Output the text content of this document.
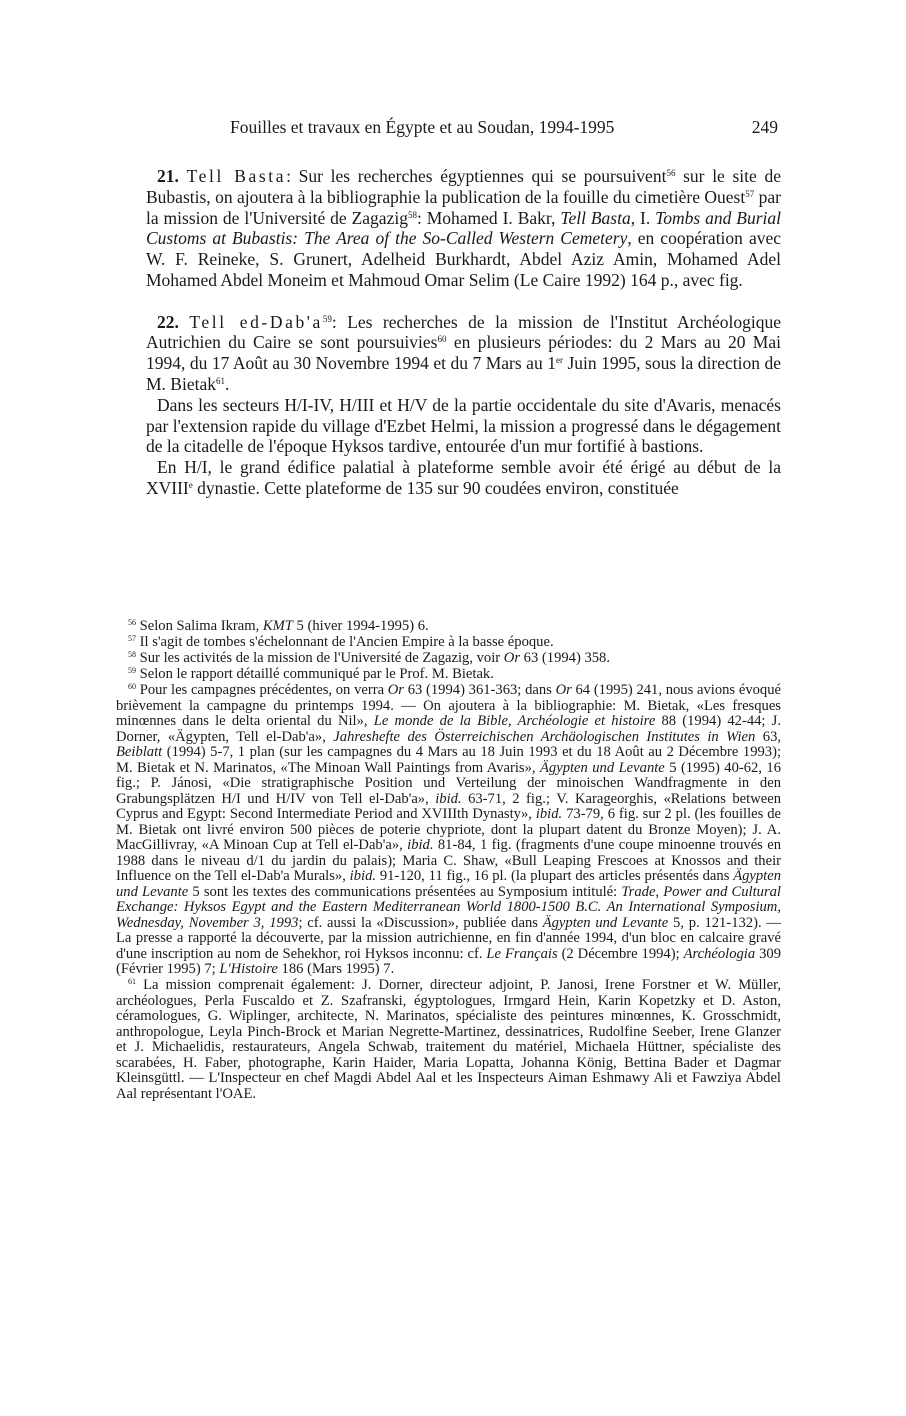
Fouilles et travaux en Égypte et au Soudan, 1994-1995	249

21. Tell Basta: Sur les recherches égyptiennes qui se poursuivent$^{56}$ sur le site de Bubastis, on ajoutera à la bibliographie la publication de la fouille du cimetière Ouest$^{57}$ par la mission de l'Université de Zagazig$^{58}$: Mohamed I. Bakr, Tell Basta, I. Tombs and Burial Customs at Bubastis: The Area of the So-Called Western Cemetery, en coopération avec W. F. Reineke, S. Grunert, Adelheid Burkhardt, Abdel Aziz Amin, Mohamed Adel Mohamed Abdel Moneim et Mahmoud Omar Selim (Le Caire 1992) 164 p., avec fig.

22. Tell $ed-Dab'a^{59}$: Les recherches de la mission de l'Institut Archéologique Autrichien du Caire se sont poursuivies$^{60}$ en plusieurs périodes: du 2 Mars au 20 Mai 1994, du 17 Août au 30 Novembre 1994 et du 7 Mars au 1er Juin 1995, sous la direction de M. Bietak$^{61}$.

Dans les secteurs H/I-IV, H/III et H/V de la partie occidentale du site d'Avaris, menacés par l'extension rapide du village d'Ezbet Helmi, la mission a progressé dans le dégagement de la citadelle de l'époque Hyksos tardive, entourée d'un mur fortifié à bastions.

En H/I, le grand édifice palatial à plateforme semble avoir été érigé au début de la XVIIIe dynastie. Cette plateforme de 135 sur 90 coudées environ, constituée

$^{56}$ Selon Salima Ikram, KMT 5 (hiver 1994-1995) 6.

$^{57}$ Il s'agit de tombes s'échelonnant de l'Ancien Empire à la basse époque.

$^{58}$ Sur les activités de la mission de l'Université de Zagazig, voir Or 63 (1994) 358.

$^{59}$ Selon le rapport détaillé communiqué par le Prof. M. Bietak.

$^{60}$ Pour les campagnes précédentes, on verra Or 63 (1994) 361-363; dans Or 64 (1995) 241, nous avions évoqué brièvement la campagne du printemps 1994. — On ajoutera à la bibliographie: M. Bietak, «Les fresques minœnnes dans le delta oriental du Nil», Le monde de la Bible, Archéologie et histoire 88 (1994) 42-44; J. Dorner, «Ägypten, Tell el-Dab'a», Jahreshefte des Österreichischen Archäologischen Institutes in Wien 63, Beiblatt (1994) 5-7, 1 plan (sur les campagnes du 4 Mars au 18 Juin 1993 et du 18 Août au 2 Décembre 1993); M. Bietak et N. Marinatos, «The Minoan Wall Paintings from Avaris», Ägypten und Levante 5 (1995) 40-62, 16 fig.; P. Jánosi, «Die stratigraphische Position und Verteilung der minoischen Wandfragmente in den Grabungsplätzen H/I und H/IV von Tell el-Dab'a», ibid. 63-71, 2 fig.; V. Karageorghis, «Relations between Cyprus and Egypt: Second Intermediate Period and XVIIIth Dynasty», ibid. 73-79, 6 fig. sur 2 pl. (les fouilles de M. Bietak ont livré environ 500 pièces de poterie chypriote, dont la plupart datent du Bronze Moyen); J. A. MacGillivray, «A Minoan Cup at Tell el-Dab'a», ibid. 81-84, 1 fig. (fragments d'une coupe minoenne trouvés en 1988 dans le niveau d/1 du jardin du palais); Maria C. Shaw, «Bull Leaping Frescoes at Knossos and their Influence on the Tell el-Dab'a Murals», ibid. 91-120, 11 fig., 16 pl. (la plupart des articles présentés dans Ägypten und Levante 5 sont les textes des communications présentées au Symposium intitulé: Trade, Power and Cultural Exchange: Hyksos Egypt and the Eastern Mediterranean World 1800-1500 B.C. An International Symposium, Wednesday, November 3, 1993; cf. aussi la «Discussion», publiée dans Ägypten und Levante 5, p. 121-132). — La presse a rapporté la découverte, par la mission autrichienne, en fin d'année 1994, d'un bloc en calcaire gravé d'une inscription au nom de Sehekhor, roi Hyksos inconnu: cf. Le Français (2 Décembre 1994); Archéologia 309 (Février 1995) 7; L'Histoire 186 (Mars 1995) 7.

$^{61}$ La mission comprenait également: J. Dorner, directeur adjoint, P. Janosi, Irene Forstner et W. Müller, archéologues, Perla Fuscaldo et Z. Szafranski, égyptologues, Irmgard Hein, Karin Kopetzky et D. Aston, céramologues, G. Wiplinger, architecte, N. Marinatos, spécialiste des peintures minœnnes, K. Grosschmidt, anthropologue, Leyla Pinch-Brock et Marian Negrette-Martinez, dessinatrices, Rudolfine Seeber, Irene Glanzer et J. Michaelidis, restaurateurs, Angela Schwab, traitement du matériel, Michaela Hüttner, spécialiste des scarabées, H. Faber, photographe, Karin Haider, Maria Lopatta, Johanna König, Bettina Bader et Dagmar Kleinsgüttl. — L'Inspecteur en chef Magdi Abdel Aal et les Inspecteurs Aiman Eshmawy Ali et Fawziya Abdel Aal représentant l'OAE.
